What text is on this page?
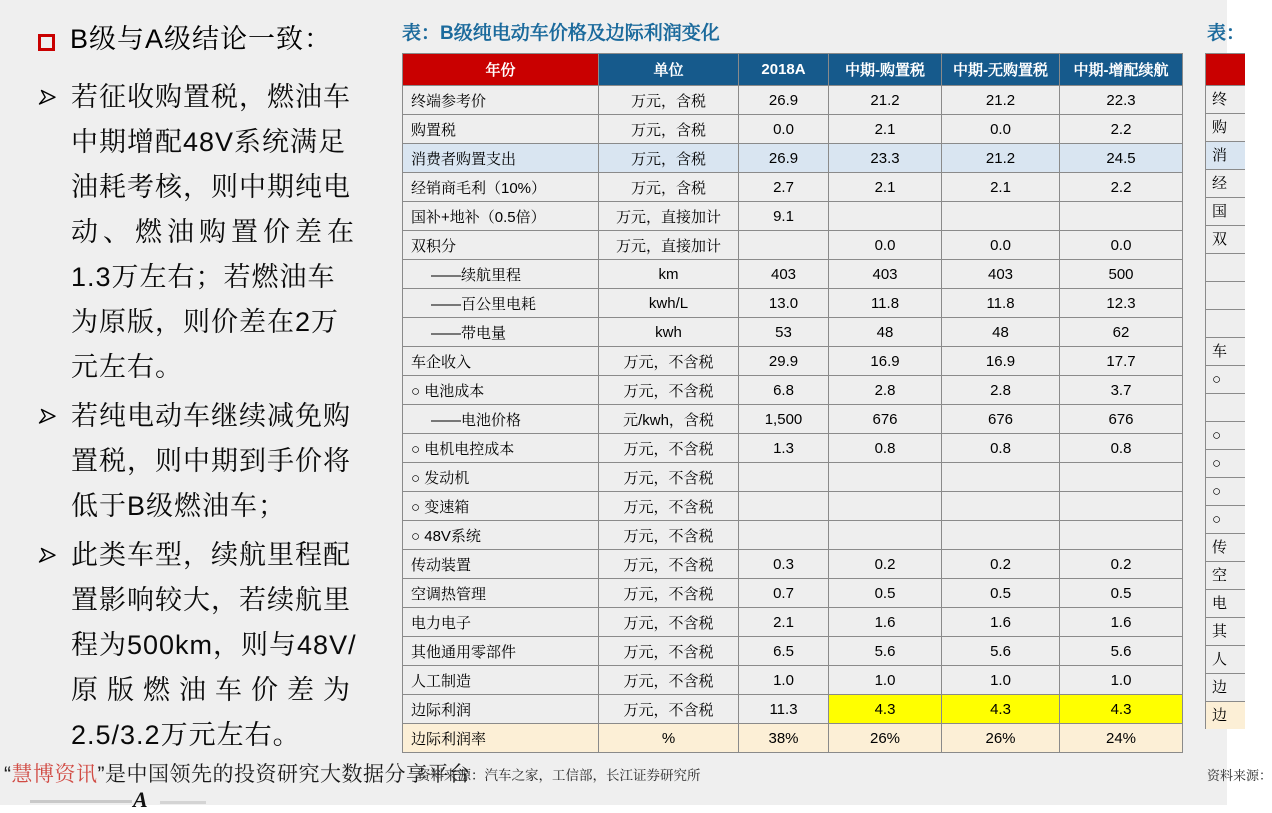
B级与A级结论一致：
若征收购置税，燃油车
中期增配48V系统满足
油耗考核，则中期纯电
动、燃油购置价差在
1.3万左右；若燃油车
为原版，则价差在2万
元左右。
若纯电动车继续减免购
置税，则中期到手价将
低于B级燃油车；
此类车型，续航里程配
置影响较大，若续航里
程为500km，则与48V/
原版燃油车价差为
2.5/3.2万元左右。
表：B级纯电动车价格及边际利润变化
年份	单位	2018A	中期-购置税	中期-无购置税	中期-增配续航
终端参考价	万元，含税	26.9	21.2	21.2	22.3
购置税	万元，含税	0.0	2.1	0.0	2.2
消费者购置支出	万元，含税	26.9	23.3	21.2	24.5
经销商毛利（10%）	万元，含税	2.7	2.1	2.1	2.2
国补+地补（0.5倍）	万元，直接加计	9.1			
双积分	万元，直接加计		0.0	0.0	0.0
——续航里程	km	403	403	403	500
——百公里电耗	kwh/L	13.0	11.8	11.8	12.3
——带电量	kwh	53	48	48	62
车企收入	万元，不含税	29.9	16.9	16.9	17.7
○ 电池成本	万元，不含税	6.8	2.8	2.8	3.7
——电池价格	元/kwh，含税	1,500	676	676	676
○ 电机电控成本	万元，不含税	1.3	0.8	0.8	0.8
○ 发动机	万元，不含税				
○ 变速箱	万元，不含税				
○ 48V系统	万元，不含税				
传动装置	万元，不含税	0.3	0.2	0.2	0.2
空调热管理	万元，不含税	0.7	0.5	0.5	0.5
电力电子	万元，不含税	2.1	1.6	1.6	1.6
其他通用零部件	万元，不含税	6.5	5.6	5.6	5.6
人工制造	万元，不含税	1.0	1.0	1.0	1.0
边际利润	万元，不含税	11.3	4.3	4.3	4.3
边际利润率	%	38%	26%	26%	24%
表：
终
购
消
经
国
双
车
○
○
○
○
○
传
空
电
其
人
边
边
资料来源：
资料来源：汽车之家，工信部，长江证券研究所
“慧博资讯”是中国领先的投资研究大数据分享平台
A
